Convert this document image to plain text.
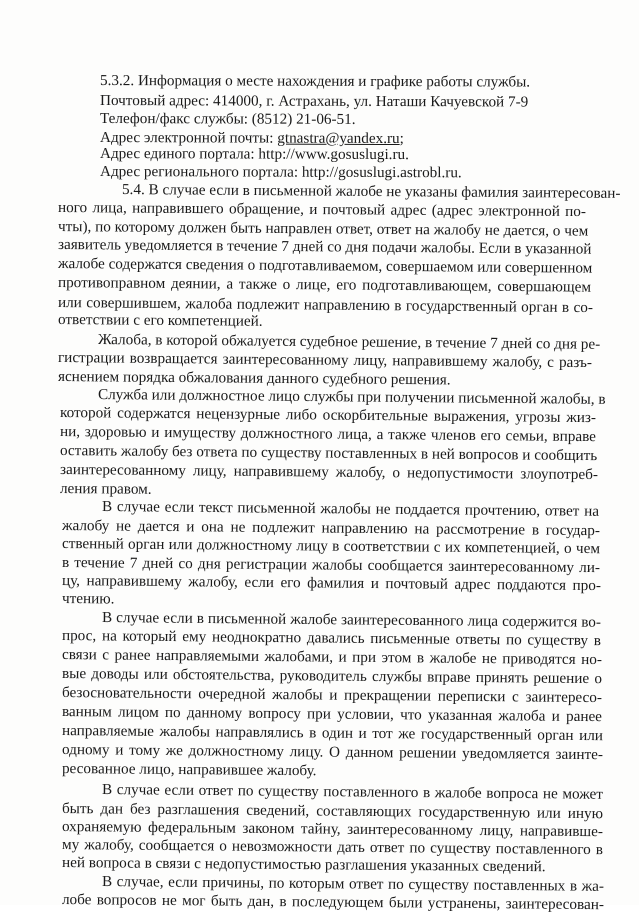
5.3.2. Информация о месте нахождения и графике работы службы.
Почтовый адрес: 414000, г. Астрахань, ул. Наташи Качуевской 7-9
Телефон/факс службы: (8512) 21-06-51.
Адрес электронной почты: gtnastra@yandex.ru;
Адрес единого портала: http://www.gosuslugi.ru.
Адрес регионального портала: http://gosuslugi.astrobl.ru.
5.4. В случае если в письменной жалобе не указаны фамилия заинтересован-
ного лица, направившего обращение, и почтовый адрес (адрес электронной по-
чты), по которому должен быть направлен ответ, ответ на жалобу не дается, о чем
заявитель уведомляется в течение 7 дней со дня подачи жалобы. Если в указанной
жалобе содержатся сведения о подготавливаемом, совершаемом или совершенном
противоправном деянии, а также о лице, его подготавливающем, совершающем
или совершившем, жалоба подлежит направлению в государственный орган в со-
ответствии с его компетенцией.
Жалоба, в которой обжалуется судебное решение, в течение 7 дней со дня ре-
гистрации возвращается заинтересованному лицу, направившему жалобу, с разъ-
яснением порядка обжалования данного судебного решения.
Служба или должностное лицо службы при получении письменной жалобы, в
которой содержатся нецензурные либо оскорбительные выражения, угрозы жиз-
ни, здоровью и имуществу должностного лица, а также членов его семьи, вправе
оставить жалобу без ответа по существу поставленных в ней вопросов и сообщить
заинтересованному лицу, направившему жалобу, о недопустимости злоупотреб-
ления правом.
В случае если текст письменной жалобы не поддается прочтению, ответ на
жалобу не дается и она не подлежит направлению на рассмотрение в государ-
ственный орган или должностному лицу в соответствии с их компетенцией, о чем
в течение 7 дней со дня регистрации жалобы сообщается заинтересованному ли-
цу, направившему жалобу, если его фамилия и почтовый адрес поддаются про-
чтению.
В случае если в письменной жалобе заинтересованного лица содержится во-
прос, на который ему неоднократно давались письменные ответы по существу в
связи с ранее направляемыми жалобами, и при этом в жалобе не приводятся но-
вые доводы или обстоятельства, руководитель службы вправе принять решение о
безосновательности очередной жалобы и прекращении переписки с заинтересо-
ванным лицом по данному вопросу при условии, что указанная жалоба и ранее
направляемые жалобы направлялись в один и тот же государственный орган или
одному и тому же должностному лицу. О данном решении уведомляется заинте-
ресованное лицо, направившее жалобу.
В случае если ответ по существу поставленного в жалобе вопроса не может
быть дан без разглашения сведений, составляющих государственную или иную
охраняемую федеральным законом тайну, заинтересованному лицу, направивше-
му жалобу, сообщается о невозможности дать ответ по существу поставленного в
ней вопроса в связи с недопустимостью разглашения указанных сведений.
В случае, если причины, по которым ответ по существу поставленных в жа-
лобе вопросов не мог быть дан, в последующем были устранены, заинтересован-
